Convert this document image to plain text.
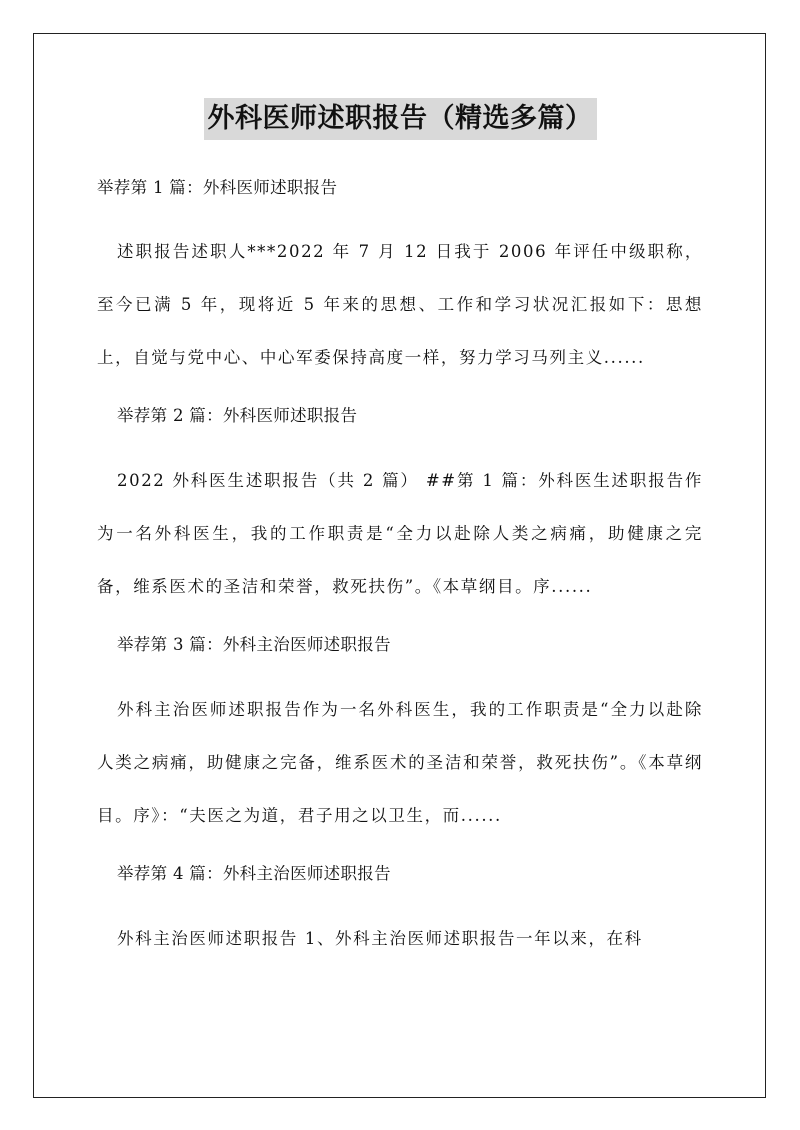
外科医师述职报告（精选多篇）
举荐第 1 篇：外科医师述职报告

述职报告述职人***2022 年 7 月 12 日我于 2006 年评任中级职称，至今已满 5 年，现将近 5 年来的思想、工作和学习状况汇报如下：思想上，自觉与党中心、中心军委保持高度一样，努力学习马列主义......

举荐第 2 篇：外科医师述职报告

2022 外科医生述职报告（共 2 篇） ##第 1 篇：外科医生述职报告作为一名外科医生，我的工作职责是“全力以赴除人类之病痛，助健康之完备，维系医术的圣洁和荣誉，救死扶伤”。《本草纲目。序......

举荐第 3 篇：外科主治医师述职报告

外科主治医师述职报告作为一名外科医生，我的工作职责是“全力以赴除人类之病痛，助健康之完备，维系医术的圣洁和荣誉，救死扶伤”。《本草纲目。序》：“夫医之为道，君子用之以卫生，而......

举荐第 4 篇：外科主治医师述职报告

外科主治医师述职报告 1、外科主治医师述职报告一年以来，在科
